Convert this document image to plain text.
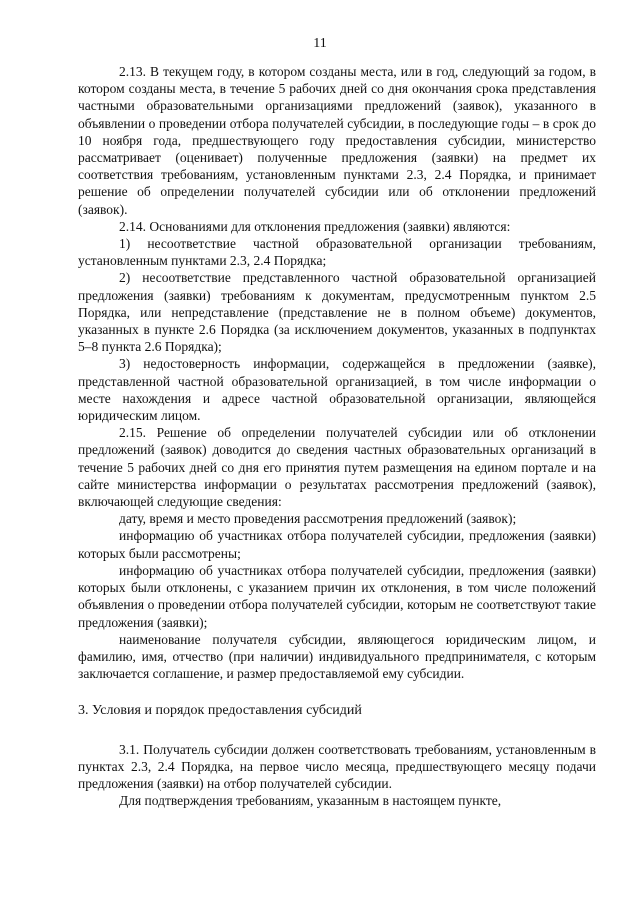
11

2.13. В текущем году, в котором созданы места, или в год, следующий за годом, в котором созданы места, в течение 5 рабочих дней со дня окончания срока представления частными образовательными организациями предложений (заявок), указанного в объявлении о проведении отбора получателей субсидии, в последующие годы – в срок до 10 ноября года, предшествующего году предоставления субсидии, министерство рассматривает (оценивает) полученные предложения (заявки) на предмет их соответствия требованиям, установленным пунктами 2.3, 2.4 Порядка, и принимает решение об определении получателей субсидии или об отклонении предложений (заявок).

2.14. Основаниями для отклонения предложения (заявки) являются:

1) несоответствие частной образовательной организации требованиям, установленным пунктами 2.3, 2.4 Порядка;

2) несоответствие представленного частной образовательной организацией предложения (заявки) требованиям к документам, предусмотренным пунктом 2.5 Порядка, или непредставление (представление не в полном объеме) документов, указанных в пункте 2.6 Порядка (за исключением документов, указанных в подпунктах 5–8 пункта 2.6 Порядка);

3) недостоверность информации, содержащейся в предложении (заявке), представленной частной образовательной организацией, в том числе информации о месте нахождения и адресе частной образовательной организации, являющейся юридическим лицом.

2.15. Решение об определении получателей субсидии или об отклонении предложений (заявок) доводится до сведения частных образовательных организаций в течение 5 рабочих дней со дня его принятия путем размещения на едином портале и на сайте министерства информации о результатах рассмотрения предложений (заявок), включающей следующие сведения:

дату, время и место проведения рассмотрения предложений (заявок);

информацию об участниках отбора получателей субсидии, предложения (заявки) которых были рассмотрены;

информацию об участниках отбора получателей субсидии, предложения (заявки) которых были отклонены, с указанием причин их отклонения, в том числе положений объявления о проведении отбора получателей субсидии, которым не соответствуют такие предложения (заявки);

наименование получателя субсидии, являющегося юридическим лицом, и фамилию, имя, отчество (при наличии) индивидуального предпринимателя, с которым заключается соглашение, и размер предоставляемой ему субсидии.

3. Условия и порядок предоставления субсидий

3.1. Получатель субсидии должен соответствовать требованиям, установленным в пунктах 2.3, 2.4 Порядка, на первое число месяца, предшествующего месяцу подачи предложения (заявки) на отбор получателей субсидии.

Для подтверждения требованиям, указанным в настоящем пункте,
